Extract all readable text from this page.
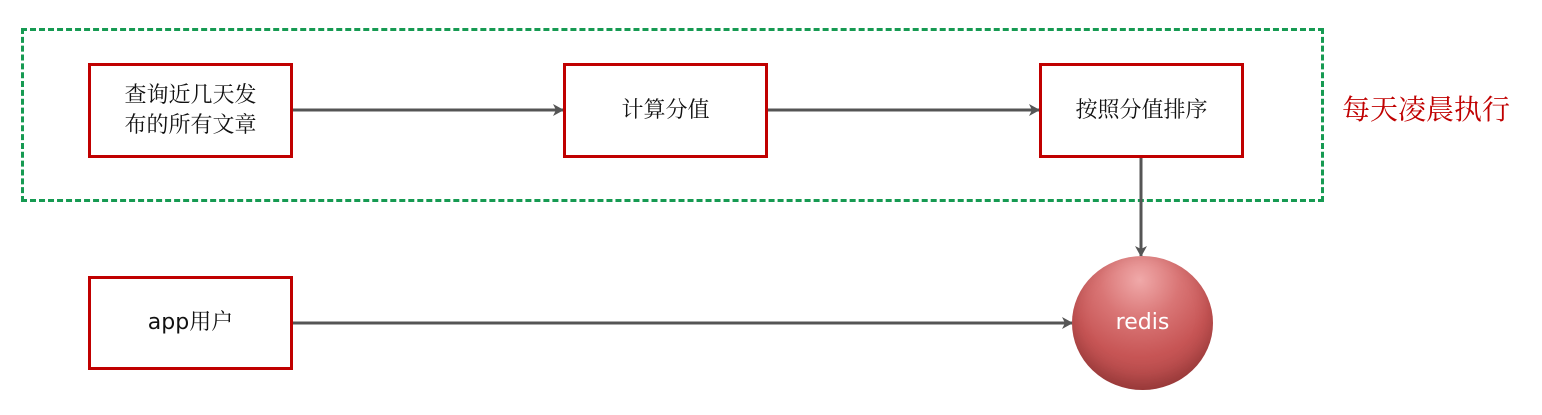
查询近几天发
布的所有文章
计算分值	按照分值排序
app用户	redis
每天凌晨执行
